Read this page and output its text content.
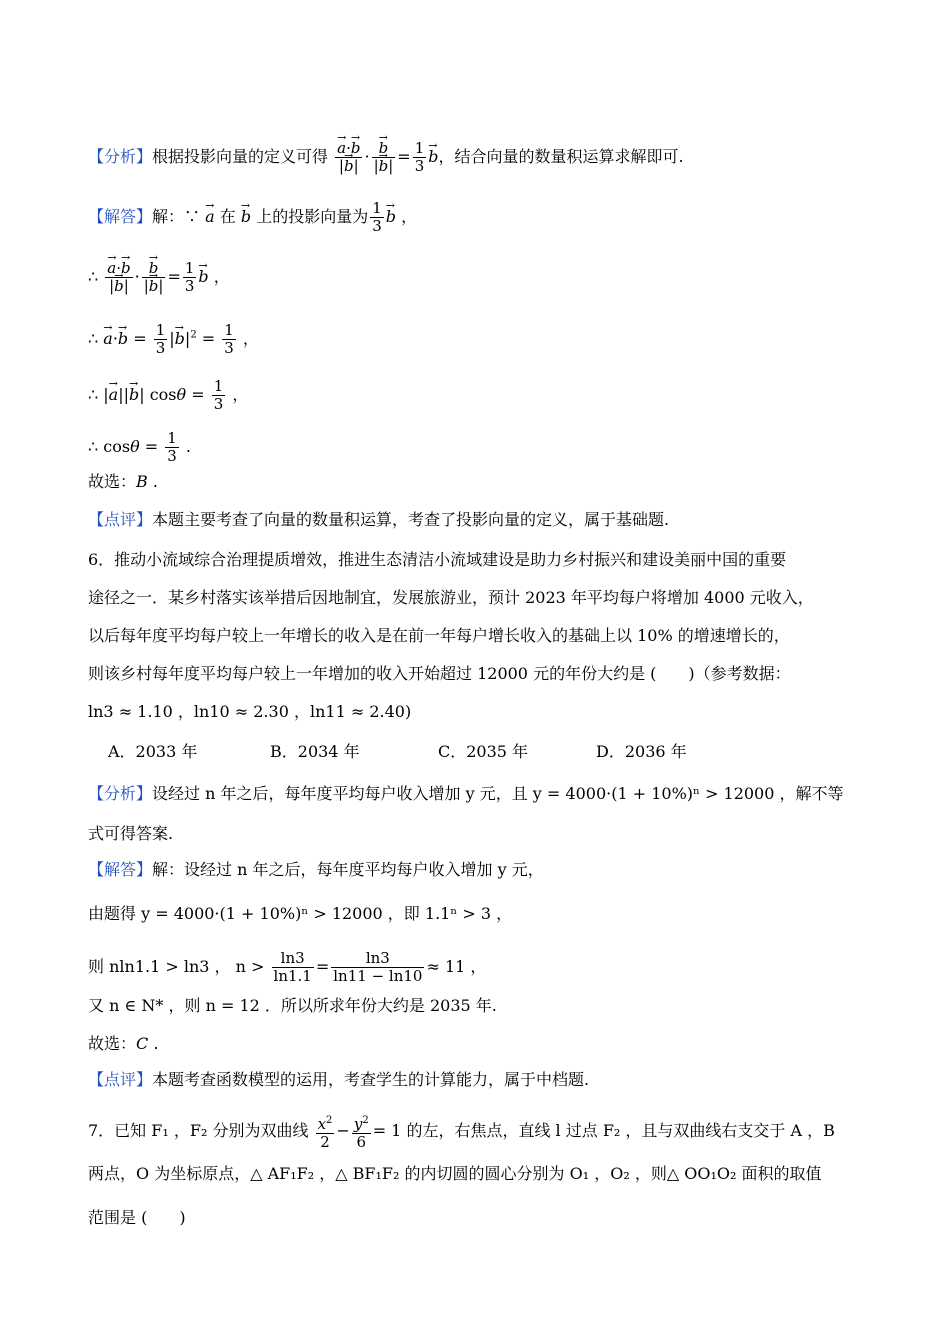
【分析】根据投影向量的定义可得
→ $\frac{a\cdot\to b}{|\to b|}$ ·
→ $\frac{b}{|\to b|} = \frac{1}{3}$
→ b，结合向量的数量积运算求解即可.
【解答】解：∵ → a 在 → b 上的投影向量为 $\frac{1}{3}$
→ b ，
∴
→ $\frac{a\cdot\to b}{|\to b|}$ ·
→ $\frac{b}{|\to b|} = \frac{1}{3}$
→ b ，
∴ → $a\cdot\to b = \frac{1}{3}$ |→ $b|^2 = \frac{1}{3}$ ，
∴ |→ a||→ b| $\cos\theta = \frac{1}{3}$ ，
∴ $\cos\theta = \frac{1}{3}$ .
故选：B .
【点评】本题主要考查了向量的数量积运算，考查了投影向量的定义，属于基础题.
6．推动小流域综合治理提质增效，推进生态清洁小流域建设是助力乡村振兴和建设美丽中国的重要
途径之一．某乡村落实该举措后因地制宜，发展旅游业，预计 2023 年平均每户将增加 4000 元收入，
以后每年度平均每户较上一年增长的收入是在前一年每户增长收入的基础上以 10% 的增速增长的，
则该乡村每年度平均每户较上一年增加的收入开始超过 12000 元的年份大约是 (　　)（参考数据：
ln3 ≈ 1.10 ，ln10 ≈ 2.30 ，ln11 ≈ 2.40)
A．2033 年	B．2034 年	C．2035 年	D．2036 年
【分析】设经过 n 年之后，每年度平均每户收入增加 y 元，且 y = 4000·(1 + 10%)ⁿ > 12000 ，解不等
式可得答案.
【解答】解：设经过 n 年之后，每年度平均每户收入增加 y 元，
由题得 y = 4000·(1 + 10%)ⁿ > 12000 ，即 1.1ⁿ > 3 ，
则 nln1.1 > ln3 ， $n > \frac{\ln 3}{\ln 1.1} = \frac{\ln 3}{\ln 11 - \ln 10} \approx 11$ ，
又 n ∈ N* ，则 n = 12 ．所以所求年份大约是 2035 年.
故选：C .
【点评】本题考查函数模型的运用，考查学生的计算能力，属于中档题.
7．已知 F₁ ，F₂ 分别为双曲线 $\frac{x^2}{2} - \frac{y^2}{6} = 1$ 的左，右焦点，直线 l 过点 F₂ ，且与双曲线右支交于 A ，B
两点，O 为坐标原点，△ AF₁F₂ ，△ BF₁F₂ 的内切圆的圆心分别为 O₁ ，O₂ ，则△ OO₁O₂ 面积的取值
范围是 (　　)
